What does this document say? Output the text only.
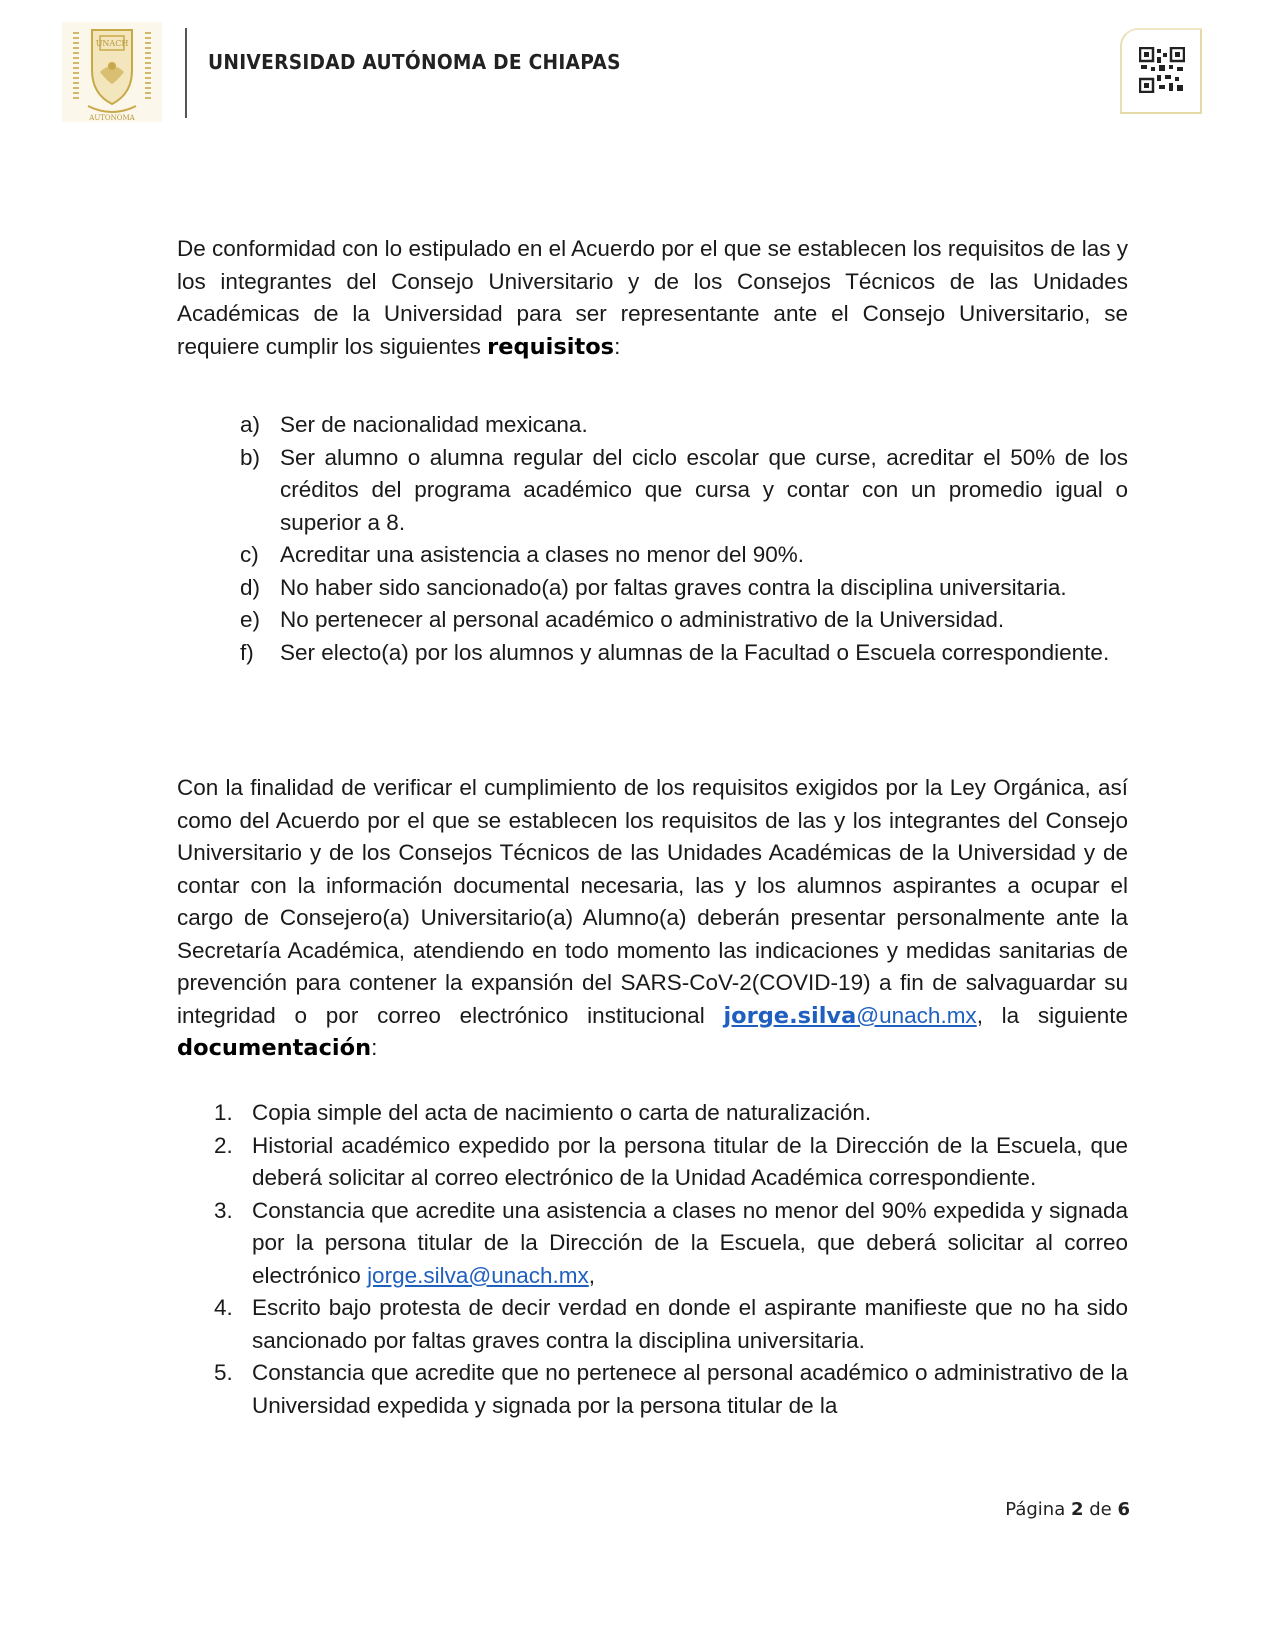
UNACH
AUTONOMA
UNIVERSIDAD AUTÓNOMA DE CHIAPAS

De conformidad con lo estipulado en el Acuerdo por el que se establecen los requisitos de las y los integrantes del Consejo Universitario y de los Consejos Técnicos de las Unidades Académicas de la Universidad para ser representante ante el Consejo Universitario, se requiere cumplir los siguientes requisitos:

a) Ser de nacionalidad mexicana.
b) Ser alumno o alumna regular del ciclo escolar que curse, acreditar el 50% de los créditos del programa académico que cursa y contar con un promedio igual o superior a 8.
c) Acreditar una asistencia a clases no menor del 90%.
d) No haber sido sancionado(a) por faltas graves contra la disciplina universitaria.
e) No pertenecer al personal académico o administrativo de la Universidad.
f) Ser electo(a) por los alumnos y alumnas de la Facultad o Escuela correspondiente.

Con la finalidad de verificar el cumplimiento de los requisitos exigidos por la Ley Orgánica, así como del Acuerdo por el que se establecen los requisitos de las y los integrantes del Consejo Universitario y de los Consejos Técnicos de las Unidades Académicas de la Universidad y de contar con la información documental necesaria, las y los alumnos aspirantes a ocupar el cargo de Consejero(a) Universitario(a) Alumno(a) deberán presentar personalmente ante la Secretaría Académica, atendiendo en todo momento las indicaciones y medidas sanitarias de prevención para contener la expansión del SARS-CoV-2(COVID-19) a fin de salvaguardar su integridad o por correo electrónico institucional jorge.silva@unach.mx, la siguiente documentación:

1. Copia simple del acta de nacimiento o carta de naturalización.
2. Historial académico expedido por la persona titular de la Dirección de la Escuela, que deberá solicitar al correo electrónico de la Unidad Académica correspondiente.
3. Constancia que acredite una asistencia a clases no menor del 90% expedida y signada por la persona titular de la Dirección de la Escuela, que deberá solicitar al correo electrónico jorge.silva@unach.mx,
4. Escrito bajo protesta de decir verdad en donde el aspirante manifieste que no ha sido sancionado por faltas graves contra la disciplina universitaria.
5. Constancia que acredite que no pertenece al personal académico o administrativo de la Universidad expedida y signada por la persona titular de la
Página 2 de 6
